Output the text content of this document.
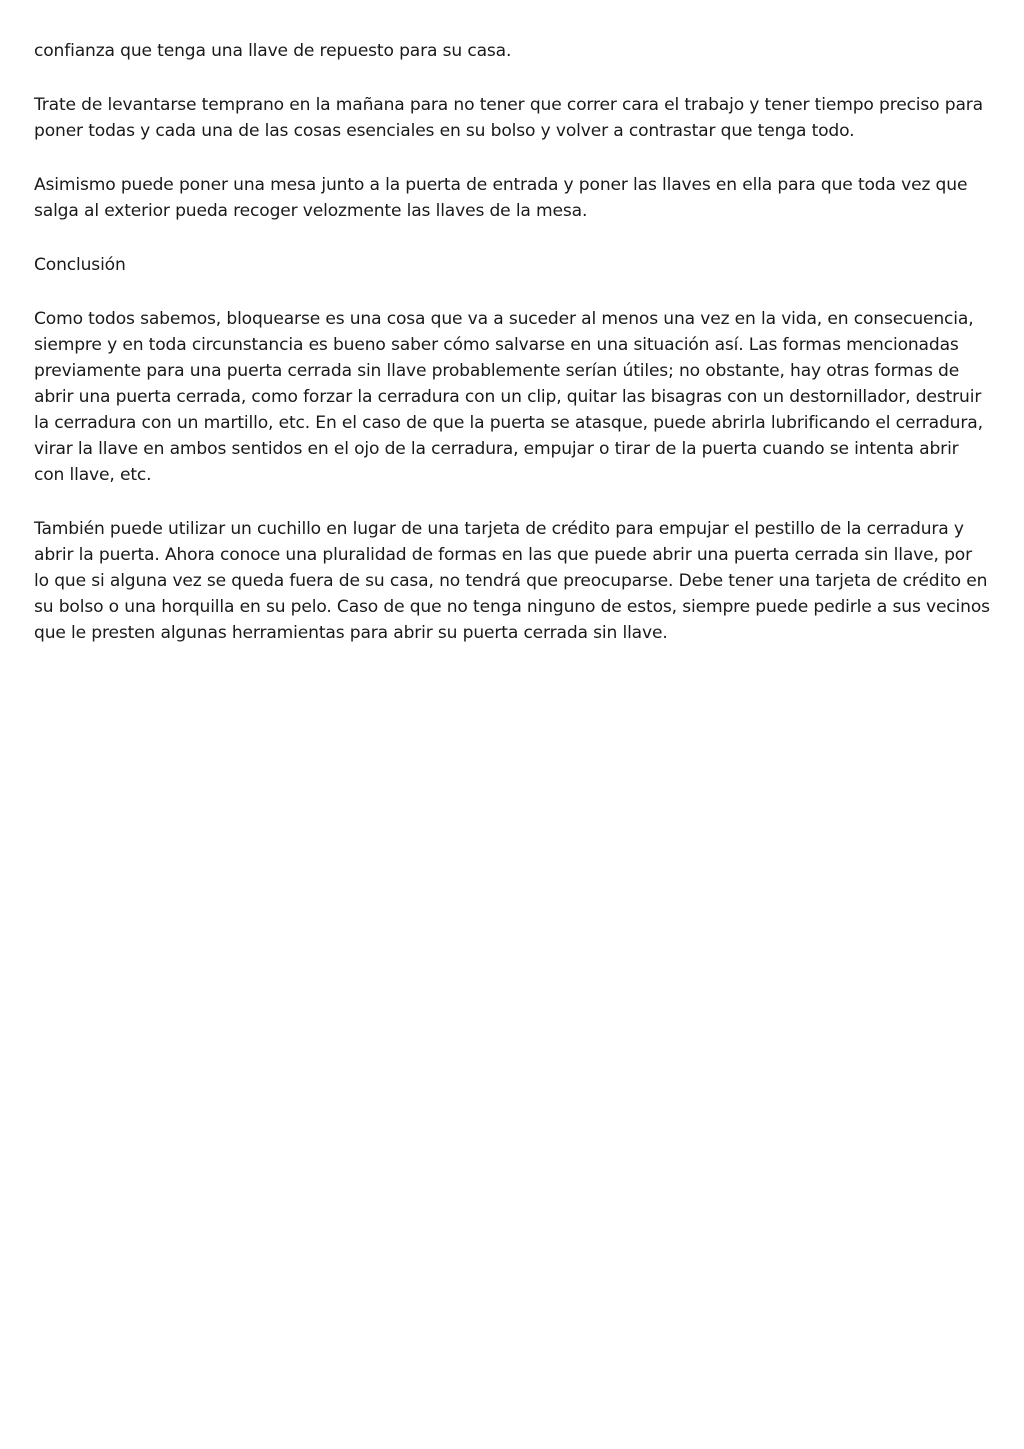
confianza que tenga una llave de repuesto para su casa.

Trate de levantarse temprano en la mañana para no tener que correr cara el trabajo y tener tiempo preciso para poner todas y cada una de las cosas esenciales en su bolso y volver a contrastar que tenga todo.

Asimismo puede poner una mesa junto a la puerta de entrada y poner las llaves en ella para que toda vez que salga al exterior pueda recoger velozmente las llaves de la mesa.

Conclusión

Como todos sabemos, bloquearse es una cosa que va a suceder al menos una vez en la vida, en consecuencia, siempre y en toda circunstancia es bueno saber cómo salvarse en una situación así. Las formas mencionadas previamente para una puerta cerrada sin llave probablemente serían útiles; no obstante, hay otras formas de abrir una puerta cerrada, como forzar la cerradura con un clip, quitar las bisagras con un destornillador, destruir la cerradura con un martillo, etc. En el caso de que la puerta se atasque, puede abrirla lubrificando el cerradura, virar la llave en ambos sentidos en el ojo de la cerradura, empujar o tirar de la puerta cuando se intenta abrir con llave, etc.

También puede utilizar un cuchillo en lugar de una tarjeta de crédito para empujar el pestillo de la cerradura y abrir la puerta. Ahora conoce una pluralidad de formas en las que puede abrir una puerta cerrada sin llave, por lo que si alguna vez se queda fuera de su casa, no tendrá que preocuparse. Debe tener una tarjeta de crédito en su bolso o una horquilla en su pelo. Caso de que no tenga ninguno de estos, siempre puede pedirle a sus vecinos que le presten algunas herramientas para abrir su puerta cerrada sin llave.
